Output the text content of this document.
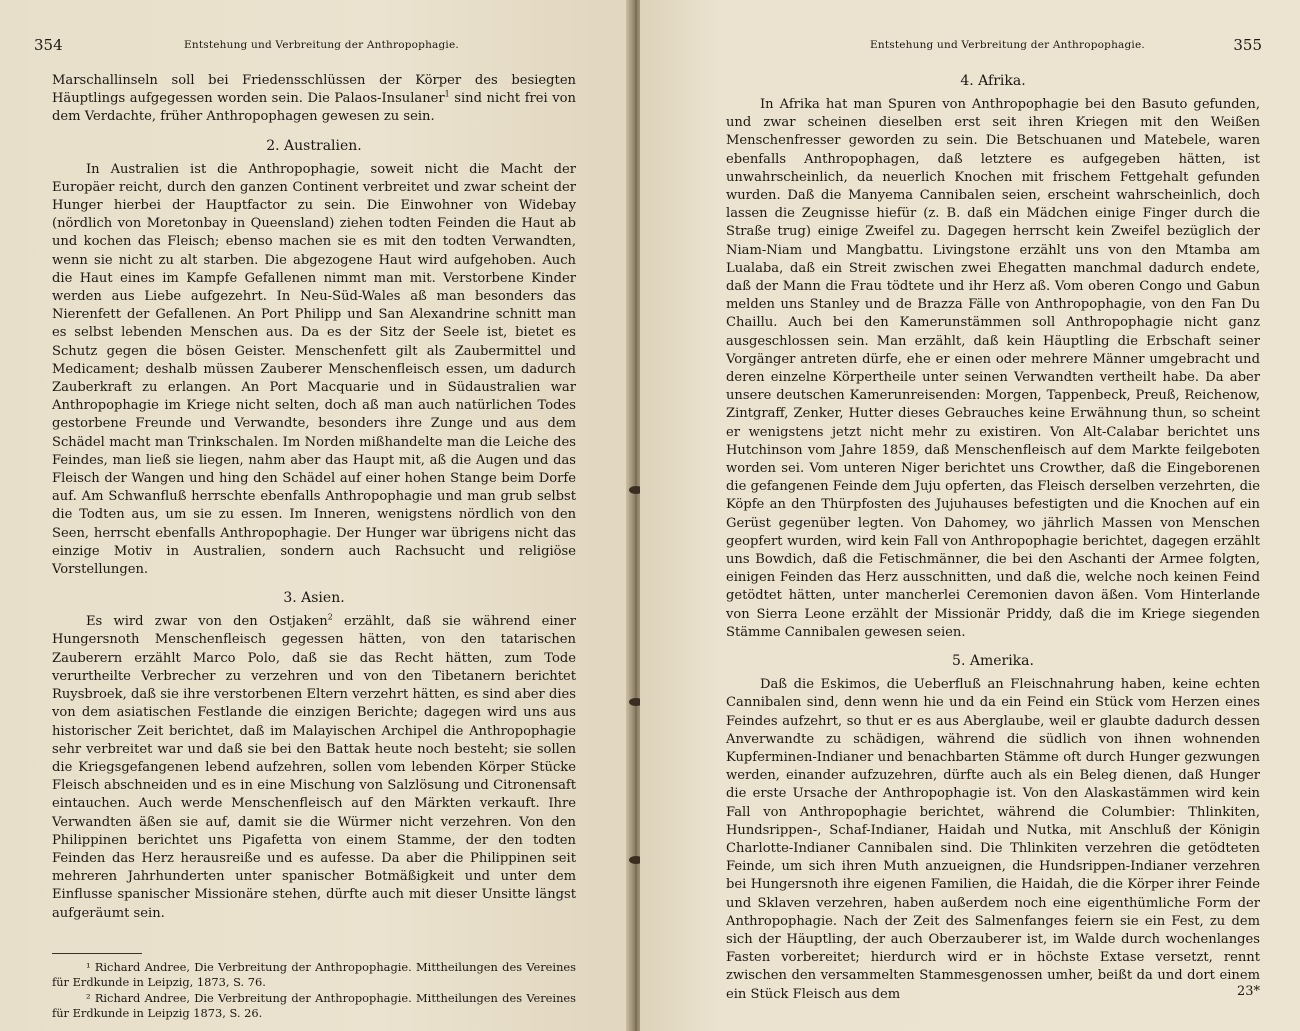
354	Entstehung und Verbreitung der Anthropophagie.

Marschallinseln soll bei Friedensschlüssen der Körper des besiegten Häuptlings aufgegessen worden sein. Die Palaos-Insulaner$^1$ sind nicht frei von dem Verdachte, früher Anthropophagen gewesen zu sein.

2. Australien.

In Australien ist die Anthropophagie, soweit nicht die Macht der Europäer reicht, durch den ganzen Continent verbreitet und zwar scheint der Hunger hierbei der Hauptfactor zu sein. Die Einwohner von Widebay (nördlich von Moretonbay in Queensland) ziehen todten Feinden die Haut ab und kochen das Fleisch; ebenso machen sie es mit den todten Verwandten, wenn sie nicht zu alt starben. Die abgezogene Haut wird aufgehoben. Auch die Haut eines im Kampfe Gefallenen nimmt man mit. Verstorbene Kinder werden aus Liebe aufgezehrt. In Neu-Süd-Wales aß man besonders das Nierenfett der Gefallenen. An Port Philipp und San Alexandrine schnitt man es selbst lebenden Menschen aus. Da es der Sitz der Seele ist, bietet es Schutz gegen die bösen Geister. Menschenfett gilt als Zaubermittel und Medicament; deshalb müssen Zauberer Menschenfleisch essen, um dadurch Zauberkraft zu erlangen. An Port Macquarie und in Südaustralien war Anthropophagie im Kriege nicht selten, doch aß man auch natürlichen Todes gestorbene Freunde und Verwandte, besonders ihre Zunge und aus dem Schädel macht man Trinkschalen. Im Norden mißhandelte man die Leiche des Feindes, man ließ sie liegen, nahm aber das Haupt mit, aß die Augen und das Fleisch der Wangen und hing den Schädel auf einer hohen Stange beim Dorfe auf. Am Schwanfluß herrschte ebenfalls Anthropophagie und man grub selbst die Todten aus, um sie zu essen. Im Inneren, wenigstens nördlich von den Seen, herrscht ebenfalls Anthropophagie. Der Hunger war übrigens nicht das einzige Motiv in Australien, sondern auch Rachsucht und religiöse Vorstellungen.

3. Asien.

Es wird zwar von den Ostjaken$^2$ erzählt, daß sie während einer Hungersnoth Menschenfleisch gegessen hätten, von den tatarischen Zauberern erzählt Marco Polo, daß sie das Recht hätten, zum Tode verurtheilte Verbrecher zu verzehren und von den Tibetanern berichtet Ruysbroek, daß sie ihre verstorbenen Eltern verzehrt hätten, es sind aber dies von dem asiatischen Festlande die einzigen Berichte; dagegen wird uns aus historischer Zeit berichtet, daß im Malayischen Archipel die Anthropophagie sehr verbreitet war und daß sie bei den Battak heute noch besteht; sie sollen die Kriegsgefangenen lebend aufzehren, sollen vom lebenden Körper Stücke Fleisch abschneiden und es in eine Mischung von Salzlösung und Citronensaft eintauchen. Auch werde Menschenfleisch auf den Märkten verkauft. Ihre Verwandten äßen sie auf, damit sie die Würmer nicht verzehren. Von den Philippinen berichtet uns Pigafetta von einem Stamme, der den todten Feinden das Herz herausreiße und es aufesse. Da aber die Philippinen seit mehreren Jahrhunderten unter spanischer Botmäßigkeit und unter dem Einflusse spanischer Missionäre stehen, dürfte auch mit dieser Unsitte längst aufgeräumt sein.

¹ Richard Andree, Die Verbreitung der Anthropophagie. Mittheilungen des Vereines für Erdkunde in Leipzig, 1873, S. 76.

² Richard Andree, Die Verbreitung der Anthropophagie. Mittheilungen des Vereines für Erdkunde in Leipzig 1873, S. 26.

Entstehung und Verbreitung der Anthropophagie.	355
4. Afrika.

In Afrika hat man Spuren von Anthropophagie bei den Basuto gefunden, und zwar scheinen dieselben erst seit ihren Kriegen mit den Weißen Menschenfresser geworden zu sein. Die Betschuanen und Matebele, waren ebenfalls Anthropophagen, daß letztere es aufgegeben hätten, ist unwahrscheinlich, da neuerlich Knochen mit frischem Fettgehalt gefunden wurden. Daß die Manyema Cannibalen seien, erscheint wahrscheinlich, doch lassen die Zeugnisse hiefür (z. B. daß ein Mädchen einige Finger durch die Straße trug) einige Zweifel zu. Dagegen herrscht kein Zweifel bezüglich der Niam-Niam und Mangbattu. Livingstone erzählt uns von den Mtamba am Lualaba, daß ein Streit zwischen zwei Ehegatten manchmal dadurch endete, daß der Mann die Frau tödtete und ihr Herz aß. Vom oberen Congo und Gabun melden uns Stanley und de Brazza Fälle von Anthropophagie, von den Fan Du Chaillu. Auch bei den Kamerunstämmen soll Anthropophagie nicht ganz ausgeschlossen sein. Man erzählt, daß kein Häuptling die Erbschaft seiner Vorgänger antreten dürfe, ehe er einen oder mehrere Männer umgebracht und deren einzelne Körpertheile unter seinen Verwandten vertheilt habe. Da aber unsere deutschen Kamerunreisenden: Morgen, Tappenbeck, Preuß, Reichenow, Zintgraff, Zenker, Hutter dieses Gebrauches keine Erwähnung thun, so scheint er wenigstens jetzt nicht mehr zu existiren. Von Alt-Calabar berichtet uns Hutchinson vom Jahre 1859, daß Menschenfleisch auf dem Markte feilgeboten worden sei. Vom unteren Niger berichtet uns Crowther, daß die Eingeborenen die gefangenen Feinde dem Juju opferten, das Fleisch derselben verzehrten, die Köpfe an den Thürpfosten des Jujuhauses befestigten und die Knochen auf ein Gerüst gegenüber legten. Von Dahomey, wo jährlich Massen von Menschen geopfert wurden, wird kein Fall von Anthropophagie berichtet, dagegen erzählt uns Bowdich, daß die Fetischmänner, die bei den Aschanti der Armee folgten, einigen Feinden das Herz ausschnitten, und daß die, welche noch keinen Feind getödtet hätten, unter mancherlei Ceremonien davon äßen. Vom Hinterlande von Sierra Leone erzählt der Missionär Priddy, daß die im Kriege siegenden Stämme Cannibalen gewesen seien.

5. Amerika.

Daß die Eskimos, die Ueberfluß an Fleischnahrung haben, keine echten Cannibalen sind, denn wenn hie und da ein Feind ein Stück vom Herzen eines Feindes aufzehrt, so thut er es aus Aberglaube, weil er glaubte dadurch dessen Anverwandte zu schädigen, während die südlich von ihnen wohnenden Kupferminen-Indianer und benachbarten Stämme oft durch Hunger gezwungen werden, einander aufzuzehren, dürfte auch als ein Beleg dienen, daß Hunger die erste Ursache der Anthropophagie ist. Von den Alaskastämmen wird kein Fall von Anthropophagie berichtet, während die Columbier: Thlinkiten, Hundsrippen-, Schaf-Indianer, Haidah und Nutka, mit Anschluß der Königin Charlotte-Indianer Cannibalen sind. Die Thlinkiten verzehren die getödteten Feinde, um sich ihren Muth anzueignen, die Hundsrippen-Indianer verzehren bei Hungersnoth ihre eigenen Familien, die Haidah, die die Körper ihrer Feinde und Sklaven verzehren, haben außerdem noch eine eigenthümliche Form der Anthropophagie. Nach der Zeit des Salmenfanges feiern sie ein Fest, zu dem sich der Häuptling, der auch Oberzauberer ist, im Walde durch wochenlanges Fasten vorbereitet; hierdurch wird er in höchste Extase versetzt, rennt zwischen den versammelten Stammesgenossen umher, beißt da und dort einem ein Stück Fleisch aus dem	23*
